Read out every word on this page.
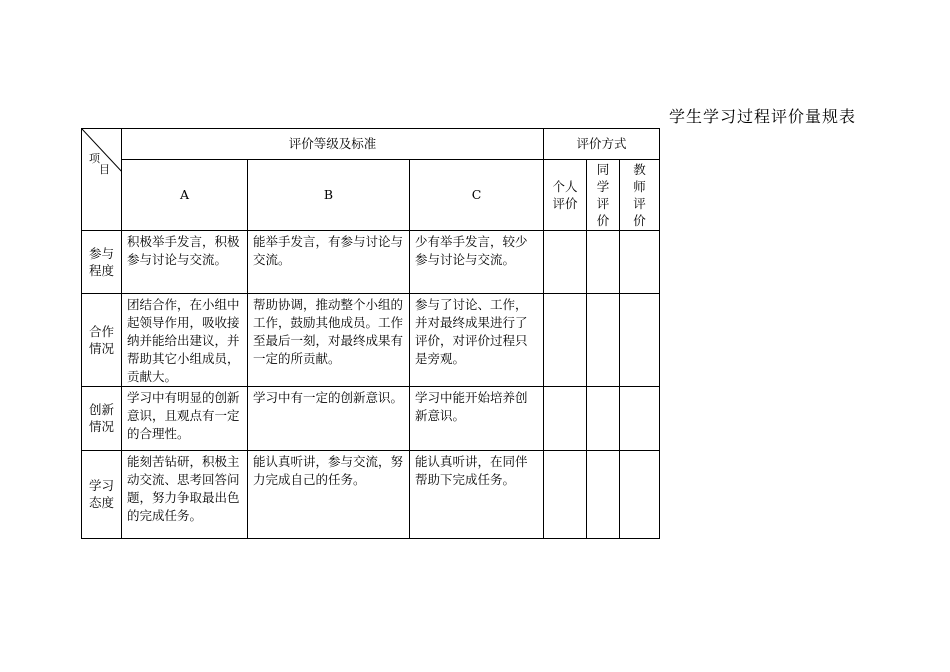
学生学习过程评价量规表
项
目	评价等级及标准			评价方式		
	A	B	C	个人评价	同学评价	教师评价
参与程度	积极举手发言，积极参与讨论与交流。	能举手发言，有参与讨论与交流。	少有举手发言，较少参与讨论与交流。			
合作情况	团结合作，在小组中起领导作用，吸收接纳并能给出建议，并帮助其它小组成员，贡献大。	帮助协调，推动整个小组的工作，鼓励其他成员。工作至最后一刻，对最终成果有一定的所贡献。	参与了讨论、工作，并对最终成果进行了评价，对评价过程只是旁观。			
创新情况	学习中有明显的创新意识，且观点有一定的合理性。	学习中有一定的创新意识。	学习中能开始培养创新意识。			
学习态度	能刻苦钻研，积极主动交流、思考回答问题，努力争取最出色的完成任务。	能认真听讲，参与交流，努力完成自己的任务。	能认真听讲，在同伴帮助下完成任务。			
